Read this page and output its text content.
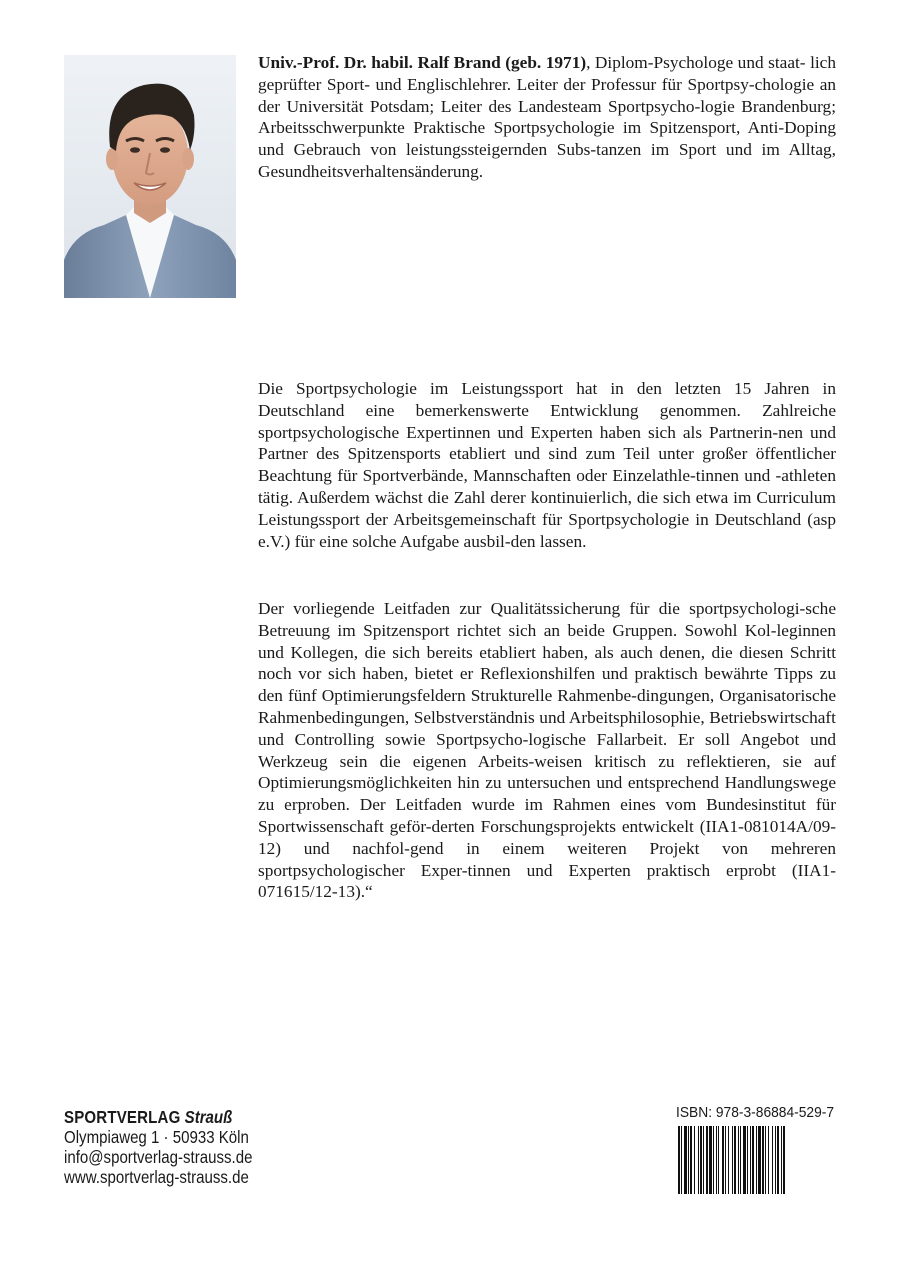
Univ.-Prof. Dr. habil. Ralf Brand (geb. 1971), Diplom-Psychologe und staat- lich geprüfter Sport- und Englischlehrer. Leiter der Professur für Sportpsy-chologie an der Universität Potsdam; Leiter des Landesteam Sportpsycho-logie Brandenburg; Arbeitsschwerpunkte Praktische Sportpsychologie im Spitzensport, Anti-Doping und Gebrauch von leistungssteigernden Subs-tanzen im Sport und im Alltag, Gesundheitsverhaltensänderung.

Die Sportpsychologie im Leistungssport hat in den letzten 15 Jahren in Deutschland eine bemerkenswerte Entwicklung genommen. Zahlreiche sportpsychologische Expertinnen und Experten haben sich als Partnerin-nen und Partner des Spitzensports etabliert und sind zum Teil unter großer öffentlicher Beachtung für Sportverbände, Mannschaften oder Einzelathle-tinnen und -athleten tätig. Außerdem wächst die Zahl derer kontinuierlich, die sich etwa im Curriculum Leistungssport der Arbeitsgemeinschaft für Sportpsychologie in Deutschland (asp e.V.) für eine solche Aufgabe ausbil-den lassen.

Der vorliegende Leitfaden zur Qualitätssicherung für die sportpsychologi-sche Betreuung im Spitzensport richtet sich an beide Gruppen. Sowohl Kol-leginnen und Kollegen, die sich bereits etabliert haben, als auch denen, die diesen Schritt noch vor sich haben, bietet er Reflexionshilfen und praktisch bewährte Tipps zu den fünf Optimierungsfeldern Strukturelle Rahmenbe-dingungen, Organisatorische Rahmenbedingungen, Selbstverständnis und Arbeitsphilosophie, Betriebswirtschaft und Controlling sowie Sportpsycho-logische Fallarbeit. Er soll Angebot und Werkzeug sein die eigenen Arbeits-weisen kritisch zu reflektieren, sie auf Optimierungsmöglichkeiten hin zu untersuchen und entsprechend Handlungswege zu erproben. Der Leitfaden wurde im Rahmen eines vom Bundesinstitut für Sportwissenschaft geför-derten Forschungsprojekts entwickelt (IIA1-081014A/09-12) und nachfol-gend in einem weiteren Projekt von mehreren sportpsychologischer Exper-tinnen und Experten praktisch erprobt (IIA1-071615/12-13).“

SPORTVERLAG Strauß
Olympiaweg 1 · 50933 Köln
info@sportverlag-strauss.de
www.sportverlag-strauss.de
ISBN: 978-3-86884-529-7
